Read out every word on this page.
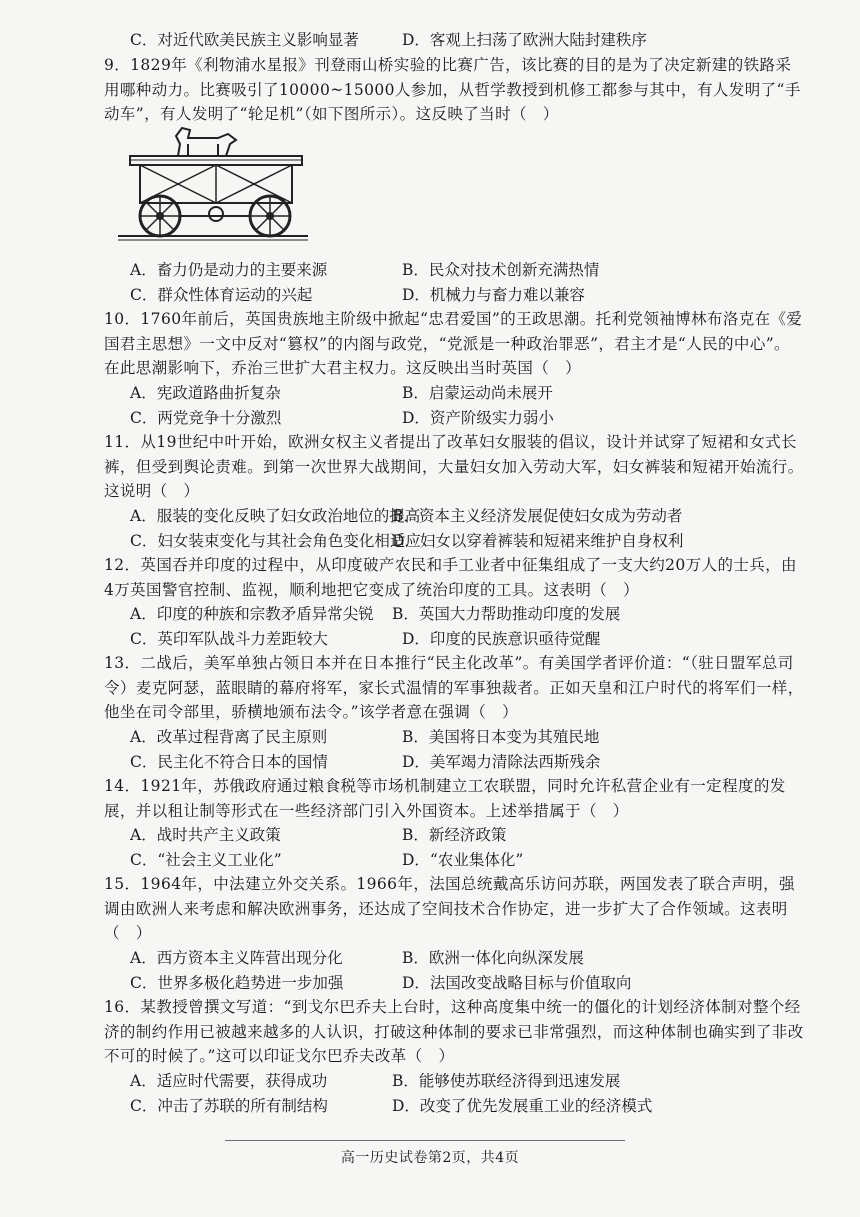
C．对近代欧美民族主义影响显著	D．客观上扫荡了欧洲大陆封建秩序
9．1829年《利物浦水星报》刊登雨山桥实验的比赛广告，该比赛的目的是为了决定新建的铁路采用哪种动力。比赛吸引了10000~15000人参加，从哲学教授到机修工都参与其中，有人发明了“手动车”，有人发明了“轮足机”（如下图所示）。这反映了当时（　）
A．畜力仍是动力的主要来源	B．民众对技术创新充满热情
C．群众性体育运动的兴起	D．机械力与畜力难以兼容
10．1760年前后，英国贵族地主阶级中掀起“忠君爱国”的王政思潮。托利党领袖博林布洛克在《爱国君主思想》一文中反对“篡权”的内阁与政党，“党派是一种政治罪恶”，君主才是“人民的中心”。在此思潮影响下，乔治三世扩大君主权力。这反映出当时英国（　）
A．宪政道路曲折复杂	B．启蒙运动尚未展开
C．两党竞争十分激烈	D．资产阶级实力弱小
11．从19世纪中叶开始，欧洲女权主义者提出了改革妇女服装的倡议，设计并试穿了短裙和女式长裤，但受到舆论责难。到第一次世界大战期间，大量妇女加入劳动大军，妇女裤装和短裙开始流行。这说明（　）
A．服装的变化反映了妇女政治地位的提高
B．资本主义经济发展促使妇女成为劳动者
C．妇女装束变化与其社会角色变化相适应
D．妇女以穿着裤装和短裙来维护自身权利
12．英国吞并印度的过程中，从印度破产农民和手工业者中征集组成了一支大约20万人的士兵，由4万英国警官控制、监视，顺利地把它变成了统治印度的工具。这表明（　）
A．印度的种族和宗教矛盾异常尖锐 B．英国大力帮助推动印度的发展
C．英印军队战斗力差距较大	D．印度的民族意识亟待觉醒
13．二战后，美军单独占领日本并在日本推行“民主化改革”。有美国学者评价道：“（驻日盟军总司令）麦克阿瑟，蓝眼睛的幕府将军，家长式温情的军事独裁者。正如天皇和江户时代的将军们一样，他坐在司令部里，骄横地颁布法令。”该学者意在强调（　）
A．改革过程背离了民主原则	B．美国将日本变为其殖民地
C．民主化不符合日本的国情	D．美军竭力清除法西斯残余
14．1921年，苏俄政府通过粮食税等市场机制建立工农联盟，同时允许私营企业有一定程度的发展，并以租让制等形式在一些经济部门引入外国资本。上述举措属于（　）
A．战时共产主义政策	B．新经济政策
C．“社会主义工业化”	D．“农业集体化”
15．1964年，中法建立外交关系。1966年，法国总统戴高乐访问苏联，两国发表了联合声明，强调由欧洲人来考虑和解决欧洲事务，还达成了空间技术合作协定，进一步扩大了合作领域。这表明（　）
A．西方资本主义阵营出现分化	B．欧洲一体化向纵深发展
C．世界多极化趋势进一步加强	D．法国改变战略目标与价值取向
16．某教授曾撰文写道：“到戈尔巴乔夫上台时，这种高度集中统一的僵化的计划经济体制对整个经济的制约作用已被越来越多的人认识，打破这种体制的要求已非常强烈，而这种体制也确实到了非改不可的时候了。”这可以印证戈尔巴乔夫改革（　）
A．适应时代需要，获得成功	B．能够使苏联经济得到迅速发展
C．冲击了苏联的所有制结构	D．改变了优先发展重工业的经济模式
高一历史试卷第2页，共4页
